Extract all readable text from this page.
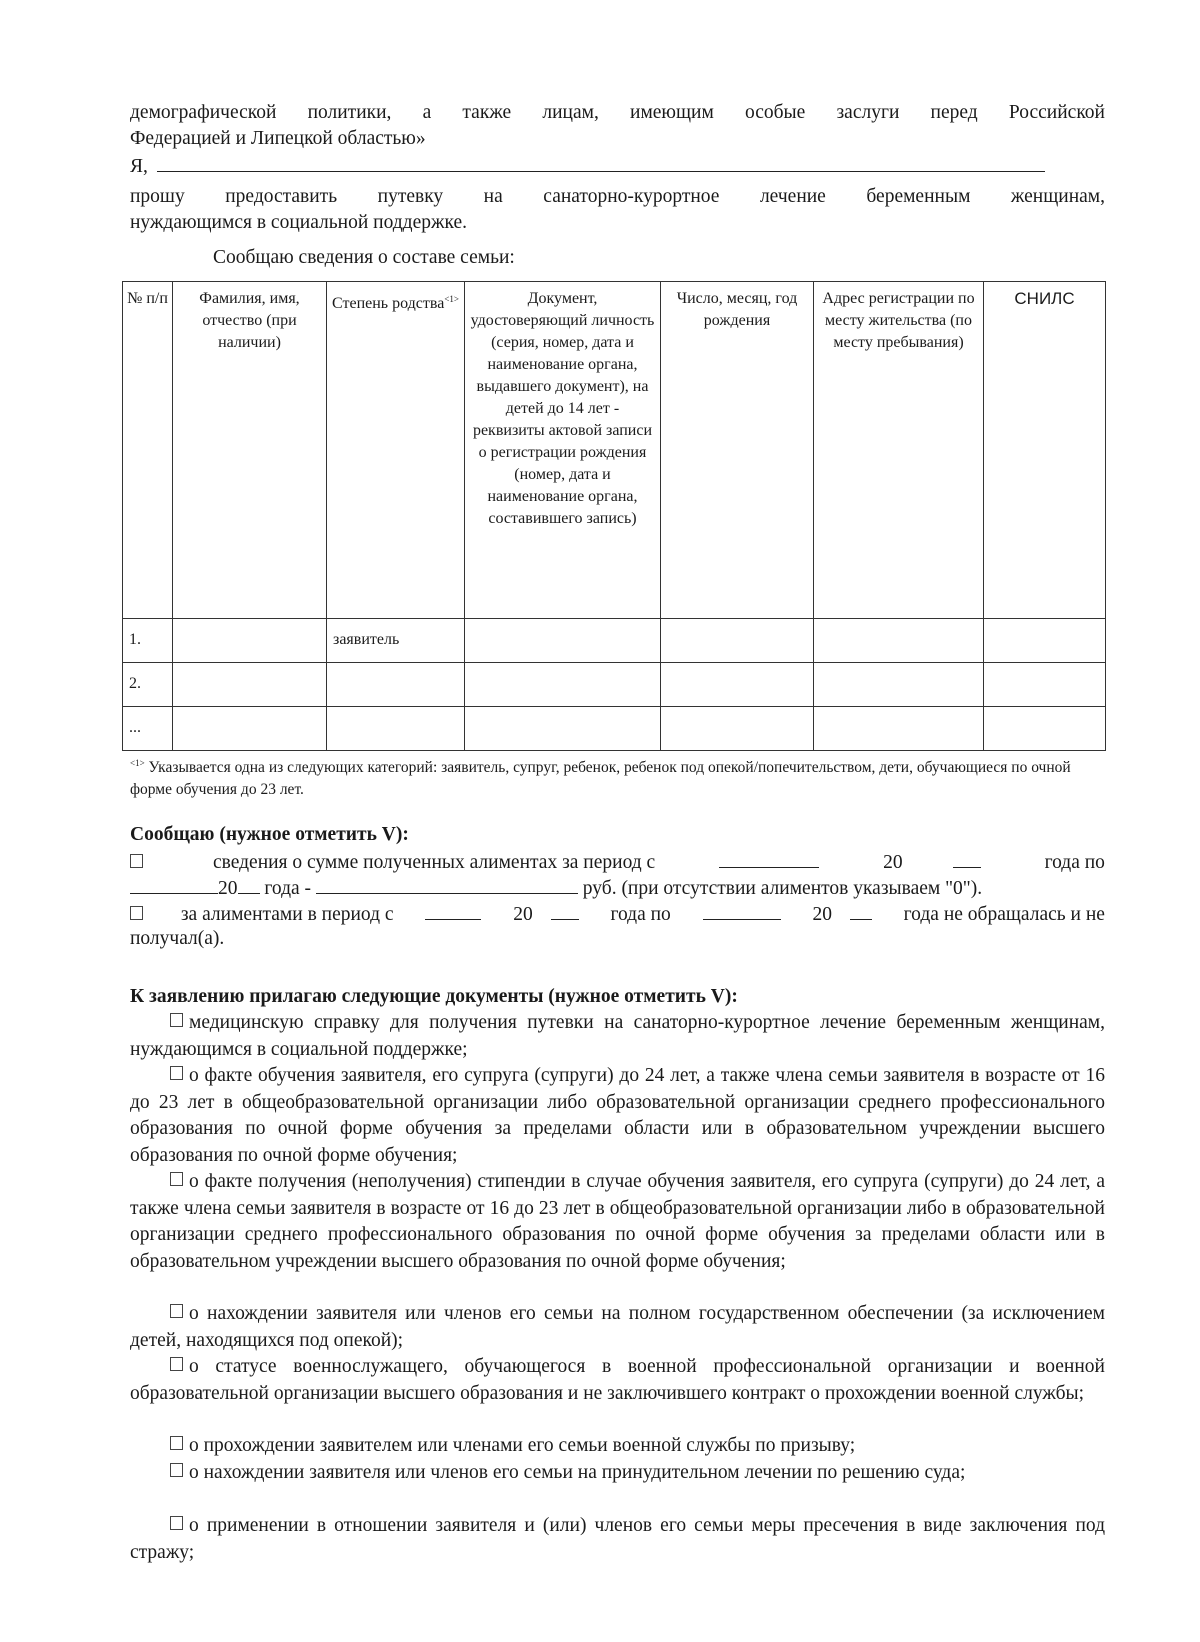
демографической политики, а также лицам, имеющим особые заслуги перед Российской
Федерацией и Липецкой областью»
Я,
прошу предоставить путевку на санаторно-курортное лечение беременным женщинам,
нуждающимся в социальной поддержке.
Сообщаю сведения о составе семьи:
№ п/п	Фамилия, имя, отчество (при наличии)	Степень родства$^{<1>}$	Документ, удостоверяющий личность (серия, номер, дата и наименование органа, выдавшего документ), на детей до 14 лет - реквизиты актовой записи о регистрации рождения (номер, дата и наименование органа, составившего запись)	Число, месяц, год рождения	Адрес регистрации по месту жительства (по месту пребывания)	СНИЛС
1.		заявитель				
2.						
...						
$^{<1>}$ Указывается одна из следующих категорий: заявитель, супруг, ребенок, ребенок под опекой/попечительством, дети, обучающиеся по очной форме обучения до 23 лет.
Сообщаю (нужное отметить V):
сведения о сумме полученных алиментах за период с	20	года по
20 года -	руб. (при отсутствии алиментов указываем "0").
за алиментами в период с	20	года по	20	года не обращалась и не
получал(а).
К заявлению прилагаю следующие документы (нужное отметить V):
медицинскую справку для получения путевки на санаторно-курортное лечение беременным женщинам, нуждающимся в социальной поддержке;
о факте обучения заявителя, его супруга (супруги) до 24 лет, а также члена семьи заявителя в возрасте от 16 до 23 лет в общеобразовательной организации либо образовательной организации среднего профессионального образования по очной форме обучения за пределами области или в образовательном учреждении высшего образования по очной форме обучения;
о факте получения (неполучения) стипендии в случае обучения заявителя, его супруга (супруги) до 24 лет, а также члена семьи заявителя в возрасте от 16 до 23 лет в общеобразовательной организации либо в образовательной организации среднего профессионального образования по очной форме обучения за пределами области или в образовательном учреждении высшего образования по очной форме обучения;
о нахождении заявителя или членов его семьи на полном государственном обеспечении (за исключением детей, находящихся под опекой);
о статусе военнослужащего, обучающегося в военной профессиональной организации и военной образовательной организации высшего образования и не заключившего контракт о прохождении военной службы;
о прохождении заявителем или членами его семьи военной службы по призыву;
о нахождении заявителя или членов его семьи на принудительном лечении по решению суда;
о применении в отношении заявителя и (или) членов его семьи меры пресечения в виде заключения под стражу;
